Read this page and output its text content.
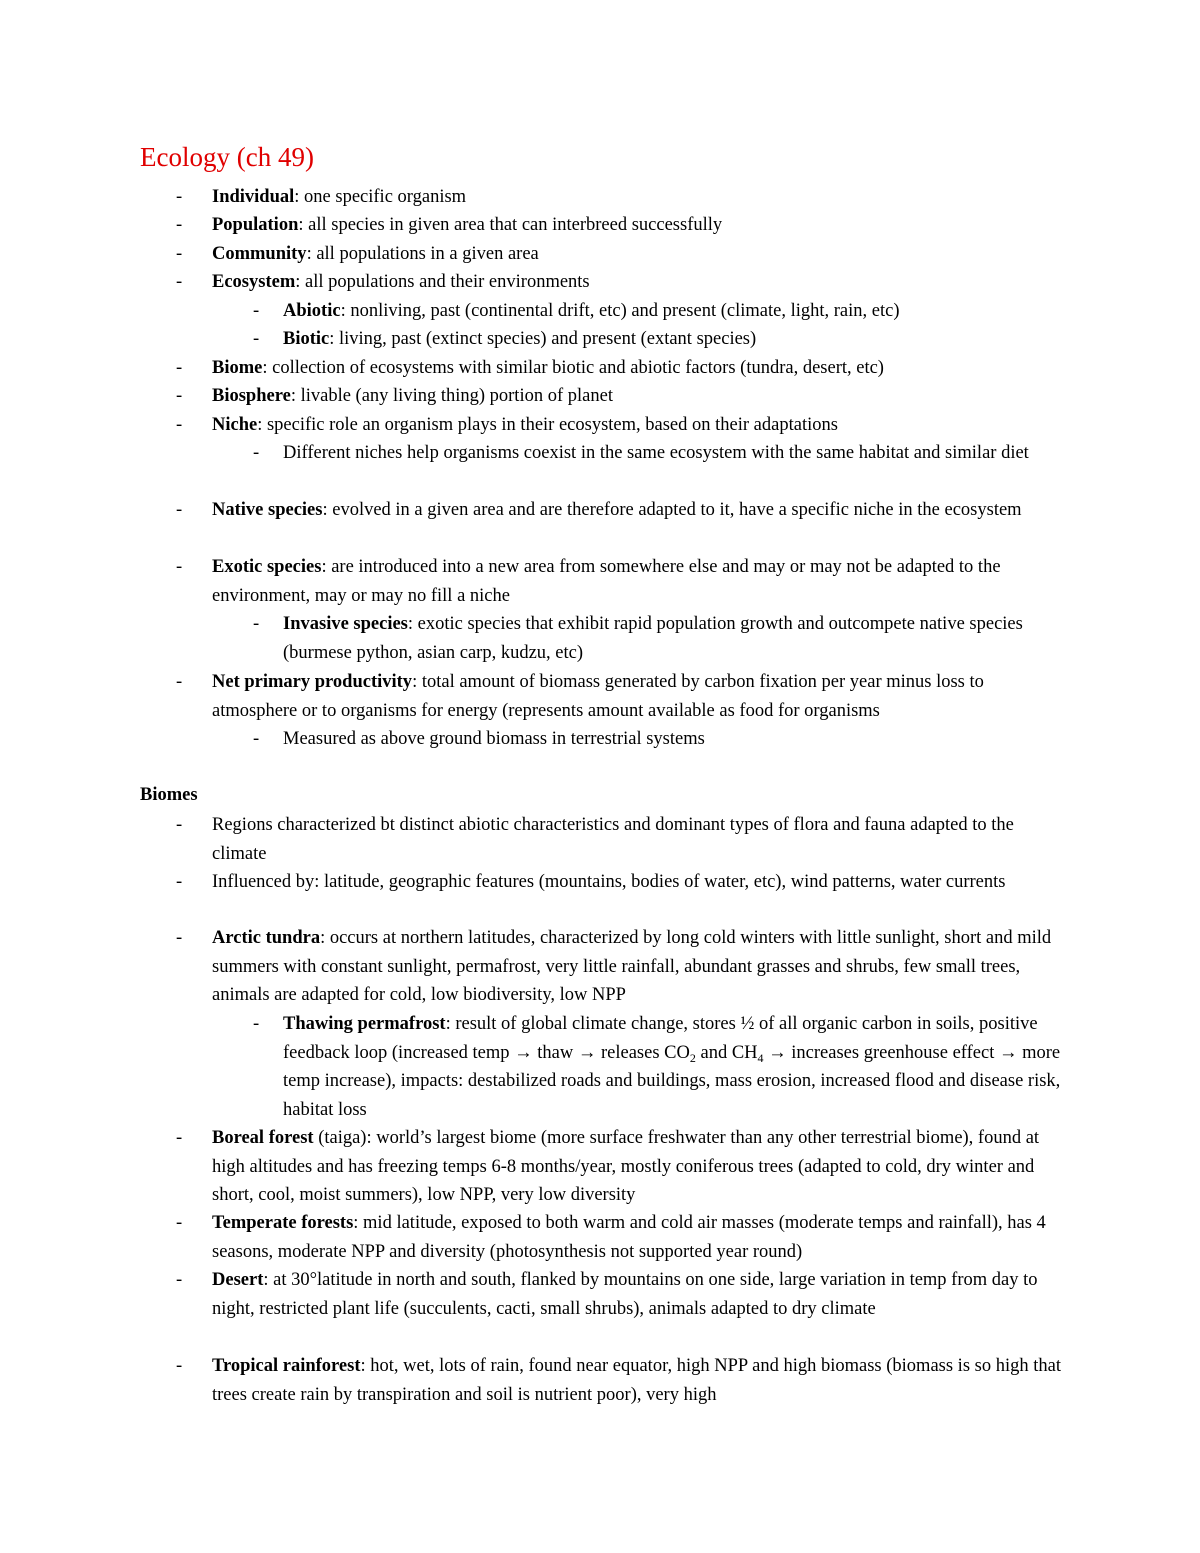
Ecology (ch 49)
- Individual: one specific organism
- Population: all species in given area that can interbreed successfully
- Community: all populations in a given area
- Ecosystem: all populations and their environments
- Abiotic: nonliving, past (continental drift, etc) and present (climate, light, rain, etc)
- Biotic: living, past (extinct species) and present (extant species)
- Biome: collection of ecosystems with similar biotic and abiotic factors (tundra, desert, etc)
- Biosphere: livable (any living thing) portion of planet
- Niche: specific role an organism plays in their ecosystem, based on their adaptations
- Different niches help organisms coexist in the same ecosystem with the same habitat and similar diet
- Native species: evolved in a given area and are therefore adapted to it, have a specific niche in the ecosystem
- Exotic species: are introduced into a new area from somewhere else and may or may not be adapted to the environment, may or may no fill a niche
- Invasive species: exotic species that exhibit rapid population growth and outcompete native species (burmese python, asian carp, kudzu, etc)
- Net primary productivity: total amount of biomass generated by carbon fixation per year minus loss to atmosphere or to organisms for energy (represents amount available as food for organisms
- Measured as above ground biomass in terrestrial systems
Biomes
- Regions characterized bt distinct abiotic characteristics and dominant types of flora and fauna adapted to the climate
- Influenced by: latitude, geographic features (mountains, bodies of water, etc), wind patterns, water currents
- Arctic tundra: occurs at northern latitudes, characterized by long cold winters with little sunlight, short and mild summers with constant sunlight, permafrost, very little rainfall, abundant grasses and shrubs, few small trees, animals are adapted for cold, low biodiversity, low NPP
- Thawing permafrost: result of global climate change, stores ½ of all organic carbon in soils, positive feedback loop (increased temp → thaw → releases $CO_2$ and $CH_4$ → increases greenhouse effect → more temp increase), impacts: destabilized roads and buildings, mass erosion, increased flood and disease risk, habitat loss
- Boreal forest (taiga): world’s largest biome (more surface freshwater than any other terrestrial biome), found at high altitudes and has freezing temps 6-8 months/year, mostly coniferous trees (adapted to cold, dry winter and short, cool, moist summers), low NPP, very low diversity
- Temperate forests: mid latitude, exposed to both warm and cold air masses (moderate temps and rainfall), has 4 seasons, moderate NPP and diversity (photosynthesis not supported year round)
- Desert: at 30°latitude in north and south, flanked by mountains on one side, large variation in temp from day to night, restricted plant life (succulents, cacti, small shrubs), animals adapted to dry climate
- Tropical rainforest: hot, wet, lots of rain, found near equator, high NPP and high biomass (biomass is so high that trees create rain by transpiration and soil is nutrient poor), very high
